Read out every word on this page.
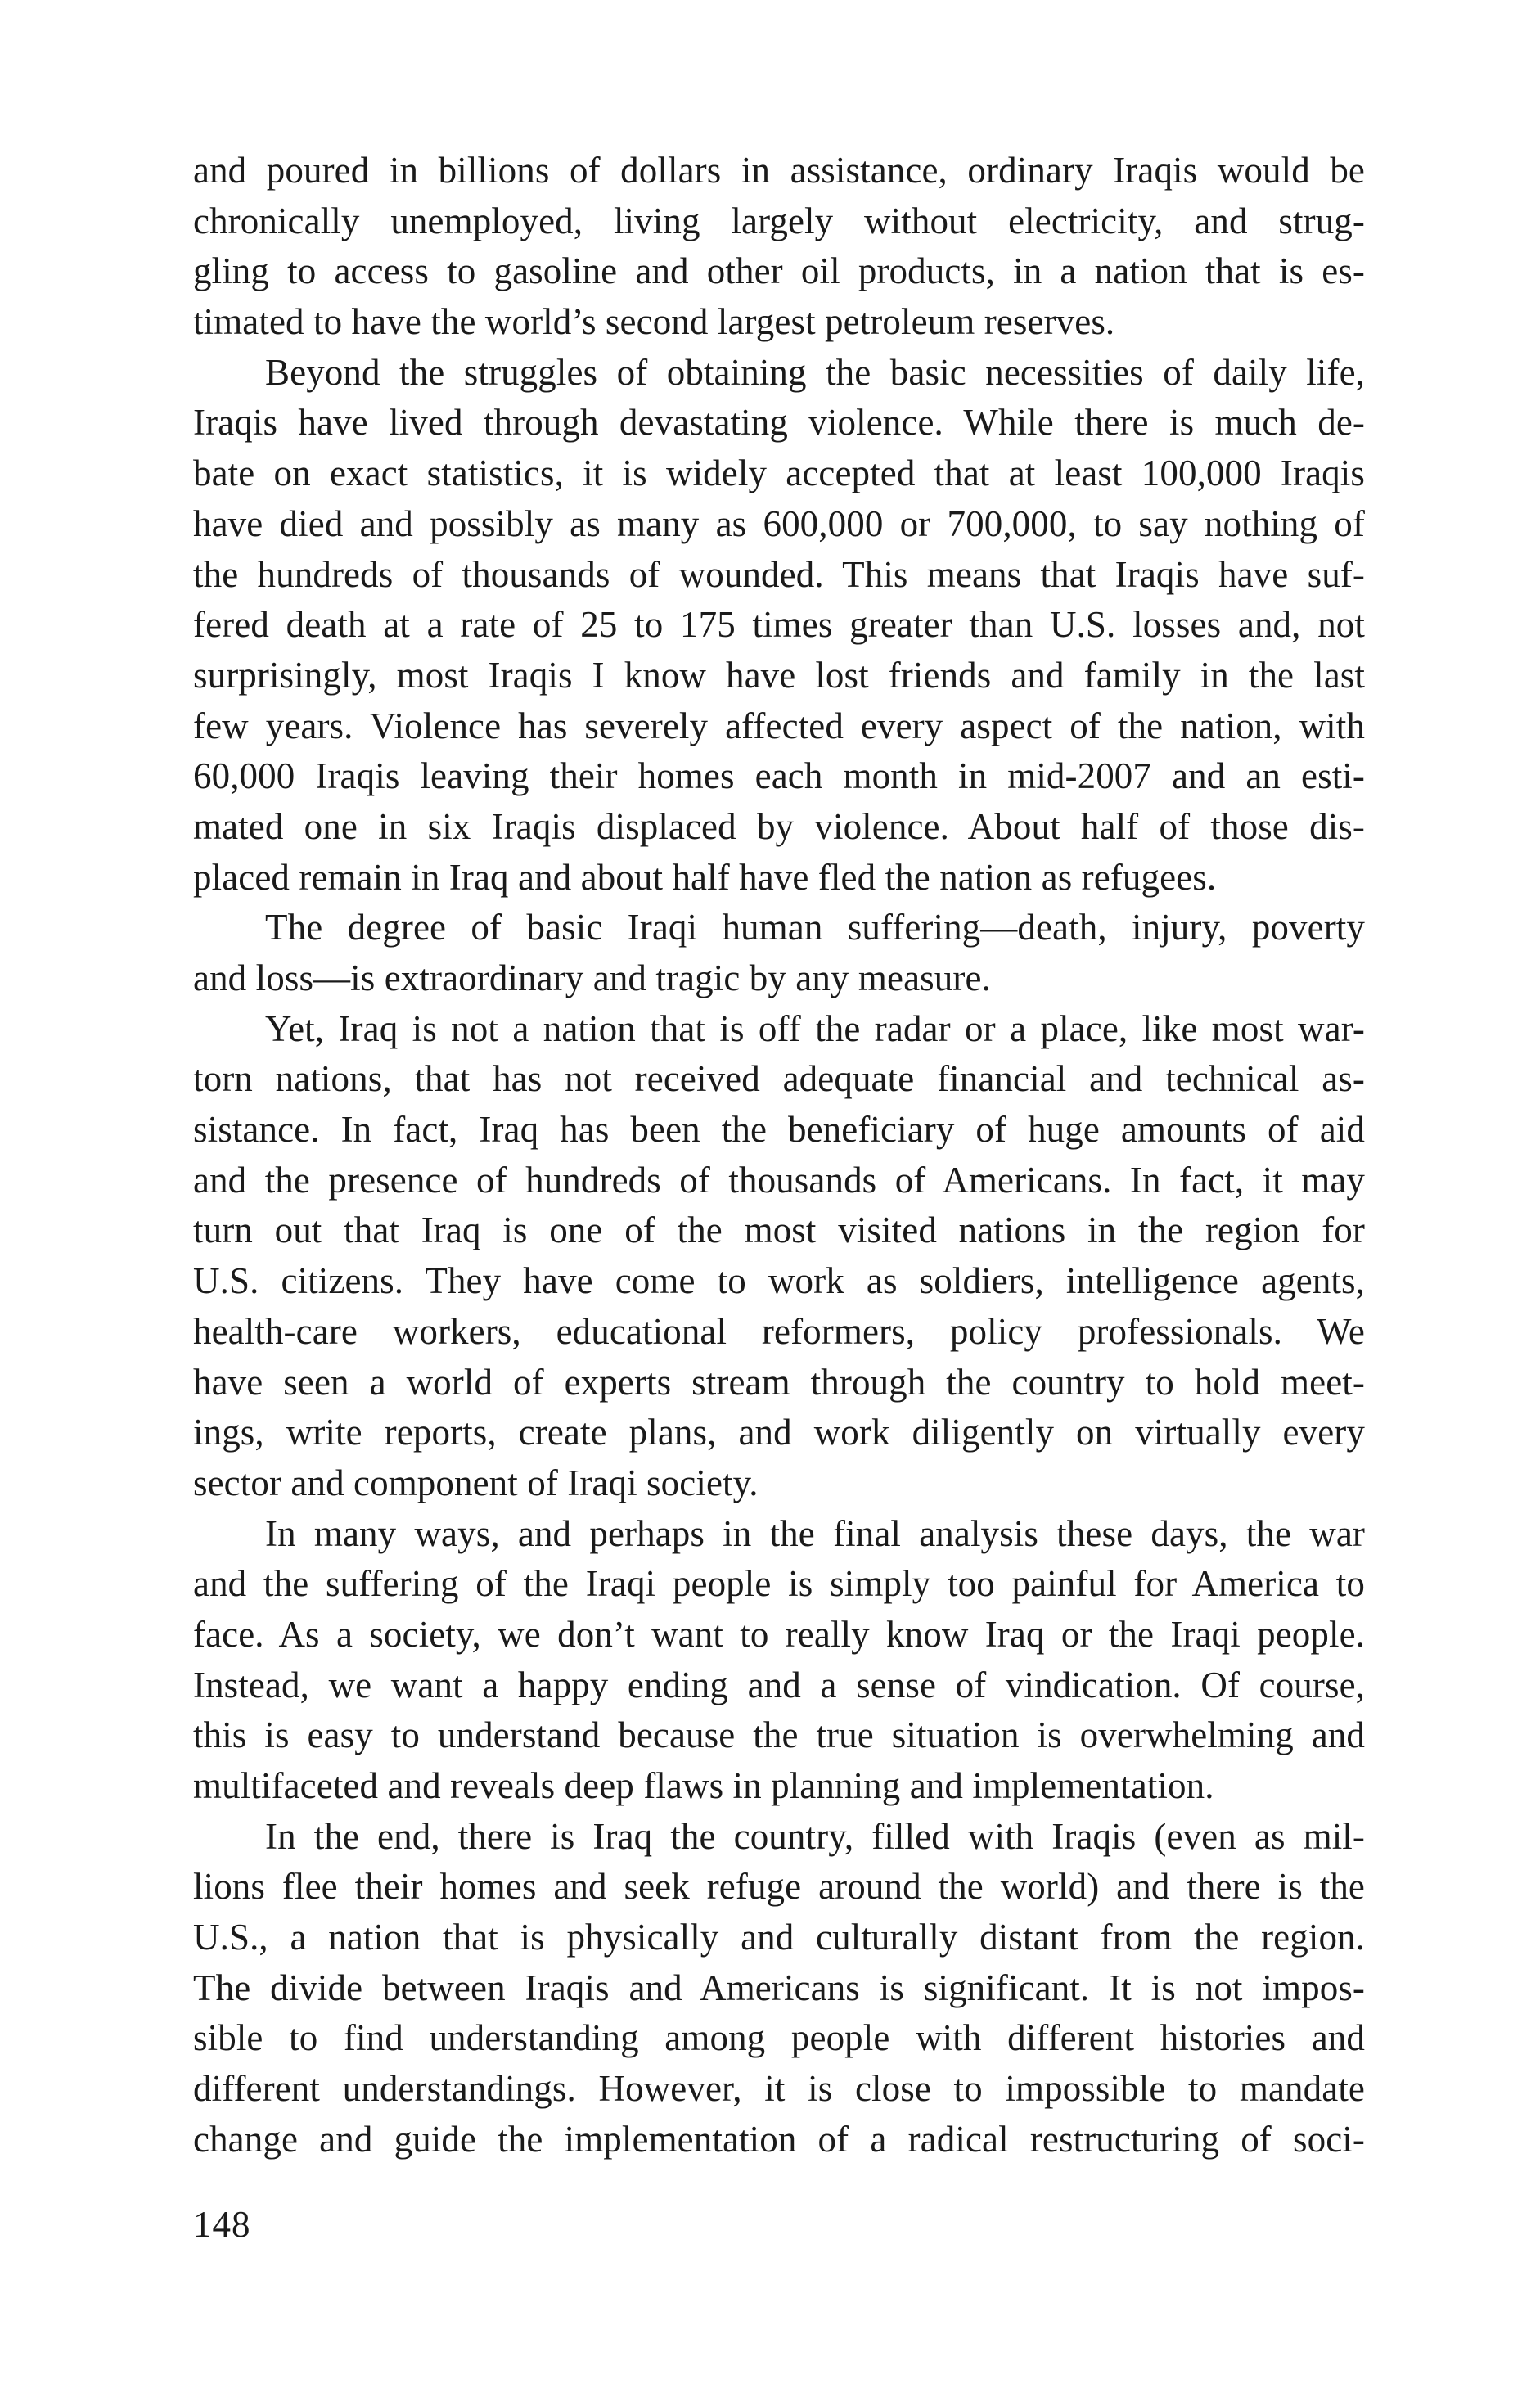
and poured in billions of dollars in assistance, ordinary Iraqis would be
chronically unemployed, living largely without electricity, and strug-
gling to access to gasoline and other oil products, in a nation that is es-
timated to have the world’s second largest petroleum reserves.
Beyond the struggles of obtaining the basic necessities of daily life,
Iraqis have lived through devastating violence. While there is much de-
bate on exact statistics, it is widely accepted that at least 100,000 Iraqis
have died and possibly as many as 600,000 or 700,000, to say nothing of
the hundreds of thousands of wounded. This means that Iraqis have suf-
fered death at a rate of 25 to 175 times greater than U.S. losses and, not
surprisingly, most Iraqis I know have lost friends and family in the last
few years. Violence has severely affected every aspect of the nation, with
60,000 Iraqis leaving their homes each month in mid-2007 and an esti-
mated one in six Iraqis displaced by violence. About half of those dis-
placed remain in Iraq and about half have fled the nation as refugees.
The degree of basic Iraqi human suffering—death, injury, poverty
and loss—is extraordinary and tragic by any measure.
Yet, Iraq is not a nation that is off the radar or a place, like most war-
torn nations, that has not received adequate financial and technical as-
sistance. In fact, Iraq has been the beneficiary of huge amounts of aid
and the presence of hundreds of thousands of Americans. In fact, it may
turn out that Iraq is one of the most visited nations in the region for
U.S. citizens. They have come to work as soldiers, intelligence agents,
health-care workers, educational reformers, policy professionals. We
have seen a world of experts stream through the country to hold meet-
ings, write reports, create plans, and work diligently on virtually every
sector and component of Iraqi society.
In many ways, and perhaps in the final analysis these days, the war
and the suffering of the Iraqi people is simply too painful for America to
face. As a society, we don’t want to really know Iraq or the Iraqi people.
Instead, we want a happy ending and a sense of vindication. Of course,
this is easy to understand because the true situation is overwhelming and
multifaceted and reveals deep flaws in planning and implementation.
In the end, there is Iraq the country, filled with Iraqis (even as mil-
lions flee their homes and seek refuge around the world) and there is the
U.S., a nation that is physically and culturally distant from the region.
The divide between Iraqis and Americans is significant. It is not impos-
sible to find understanding among people with different histories and
different understandings. However, it is close to impossible to mandate
change and guide the implementation of a radical restructuring of soci-
148
